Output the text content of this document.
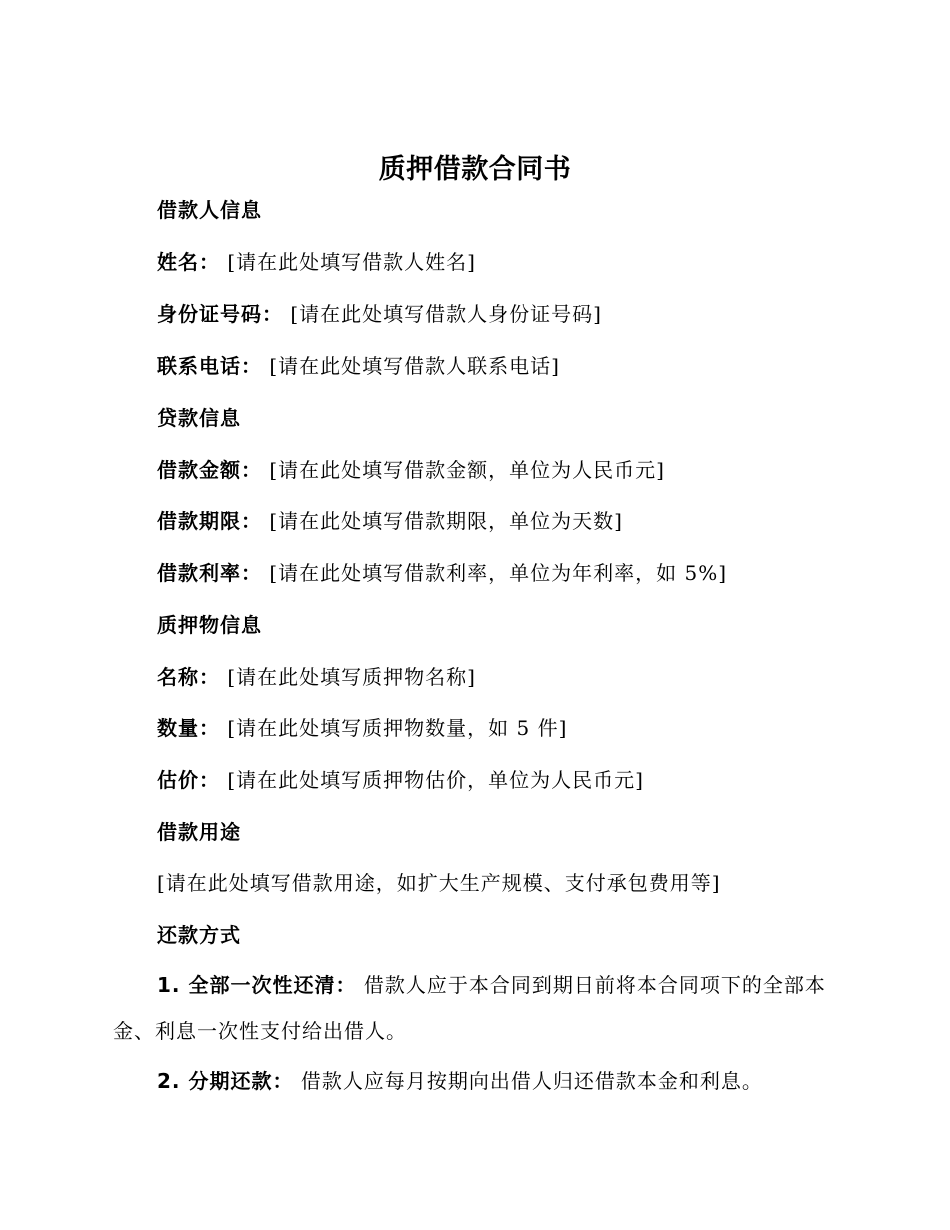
质押借款合同书
借款人信息
姓名： [请在此处填写借款人姓名]
身份证号码： [请在此处填写借款人身份证号码]
联系电话： [请在此处填写借款人联系电话]
贷款信息
借款金额： [请在此处填写借款金额，单位为人民币元]
借款期限： [请在此处填写借款期限，单位为天数]
借款利率： [请在此处填写借款利率，单位为年利率，如 5%]
质押物信息
名称： [请在此处填写质押物名称]
数量： [请在此处填写质押物数量，如 5 件]
估价： [请在此处填写质押物估价，单位为人民币元]
借款用途
[请在此处填写借款用途，如扩大生产规模、支付承包费用等]
还款方式
1. 全部一次性还清： 借款人应于本合同到期日前将本合同项下的全部本金、利息一次性支付给出借人。
2. 分期还款： 借款人应每月按期向出借人归还借款本金和利息。
